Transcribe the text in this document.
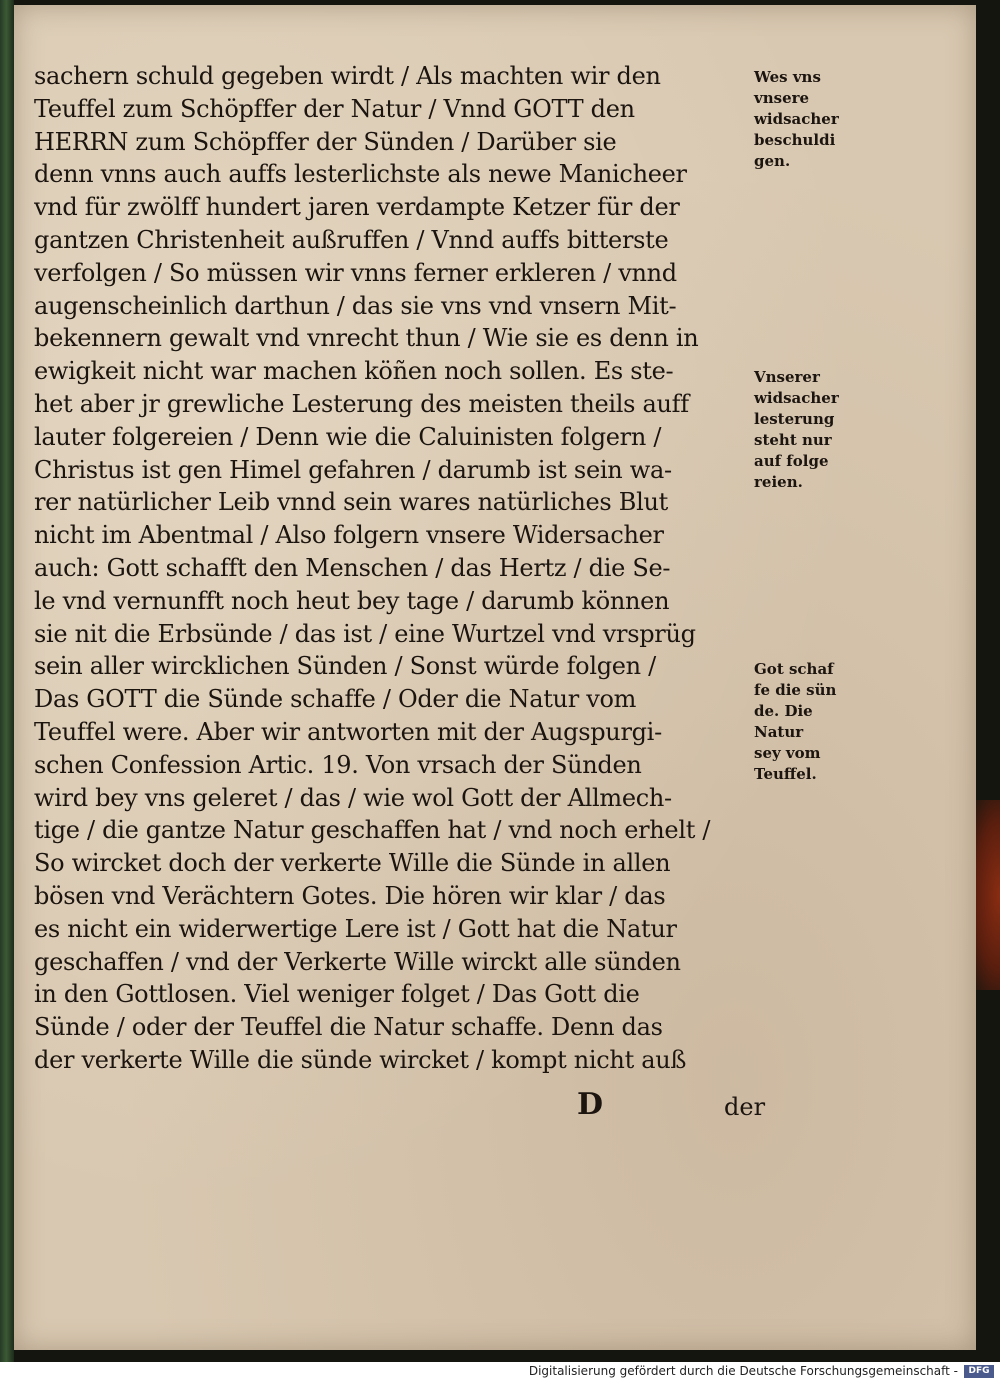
sachern schuld gegeben wirdt / Als machten wir den
Teuffel zum Schöpffer der Natur / Vnnd GOTT den
HERRN zum Schöpffer der Sünden / Darüber sie
denn vnns auch auffs lesterlichste als newe Manicheer
vnd für zwölff hundert jaren verdampte Ketzer für der
gantzen Christenheit außruffen / Vnnd auffs bitterste
verfolgen / So müssen wir vnns ferner erkleren / vnnd
augenscheinlich darthun / das sie vns vnd vnsern Mit-
bekennern gewalt vnd vnrecht thun / Wie sie es denn in
ewigkeit nicht war machen köñen noch sollen. Es ste-
het aber jr grewliche Lesterung des meisten theils auff
lauter folgereien / Denn wie die Caluinisten folgern /
Christus ist gen Himel gefahren / darumb ist sein wa-
rer natürlicher Leib vnnd sein wares natürliches Blut
nicht im Abentmal / Also folgern vnsere Widersacher
auch: Gott schafft den Menschen / das Hertz / die Se-
le vnd vernunfft noch heut bey tage / darumb können
sie nit die Erbsünde / das ist / eine Wurtzel vnd vrsprüg
sein aller wircklichen Sünden / Sonst würde folgen /
Das GOTT die Sünde schaffe / Oder die Natur vom
Teuffel were. Aber wir antworten mit der Augspurgi-
schen Confession Artic. 19. Von vrsach der Sünden
wird bey vns geleret / das / wie wol Gott der Allmech-
tige / die gantze Natur geschaffen hat / vnd noch erhelt /
So wircket doch der verkerte Wille die Sünde in allen
bösen vnd Verächtern Gotes. Die hören wir klar / das
es nicht ein widerwertige Lere ist / Gott hat die Natur
geschaffen / vnd der Verkerte Wille wirckt alle sünden
in den Gottlosen. Viel weniger folget / Das Gott die
Sünde / oder der Teuffel die Natur schaffe. Denn das
der verkerte Wille die sünde wircket / kompt nicht auß
Wes vns
vnsere
widsacher
beschuldi
gen.
Vnserer
widsacher
lesterung
steht nur
auf folge
reien.
Got schaf
fe die sün
de. Die
Natur
sey vom
Teuffel.
D	der
Digitalisierung gefördert durch die Deutsche Forschungsgemeinschaft -	DFG
